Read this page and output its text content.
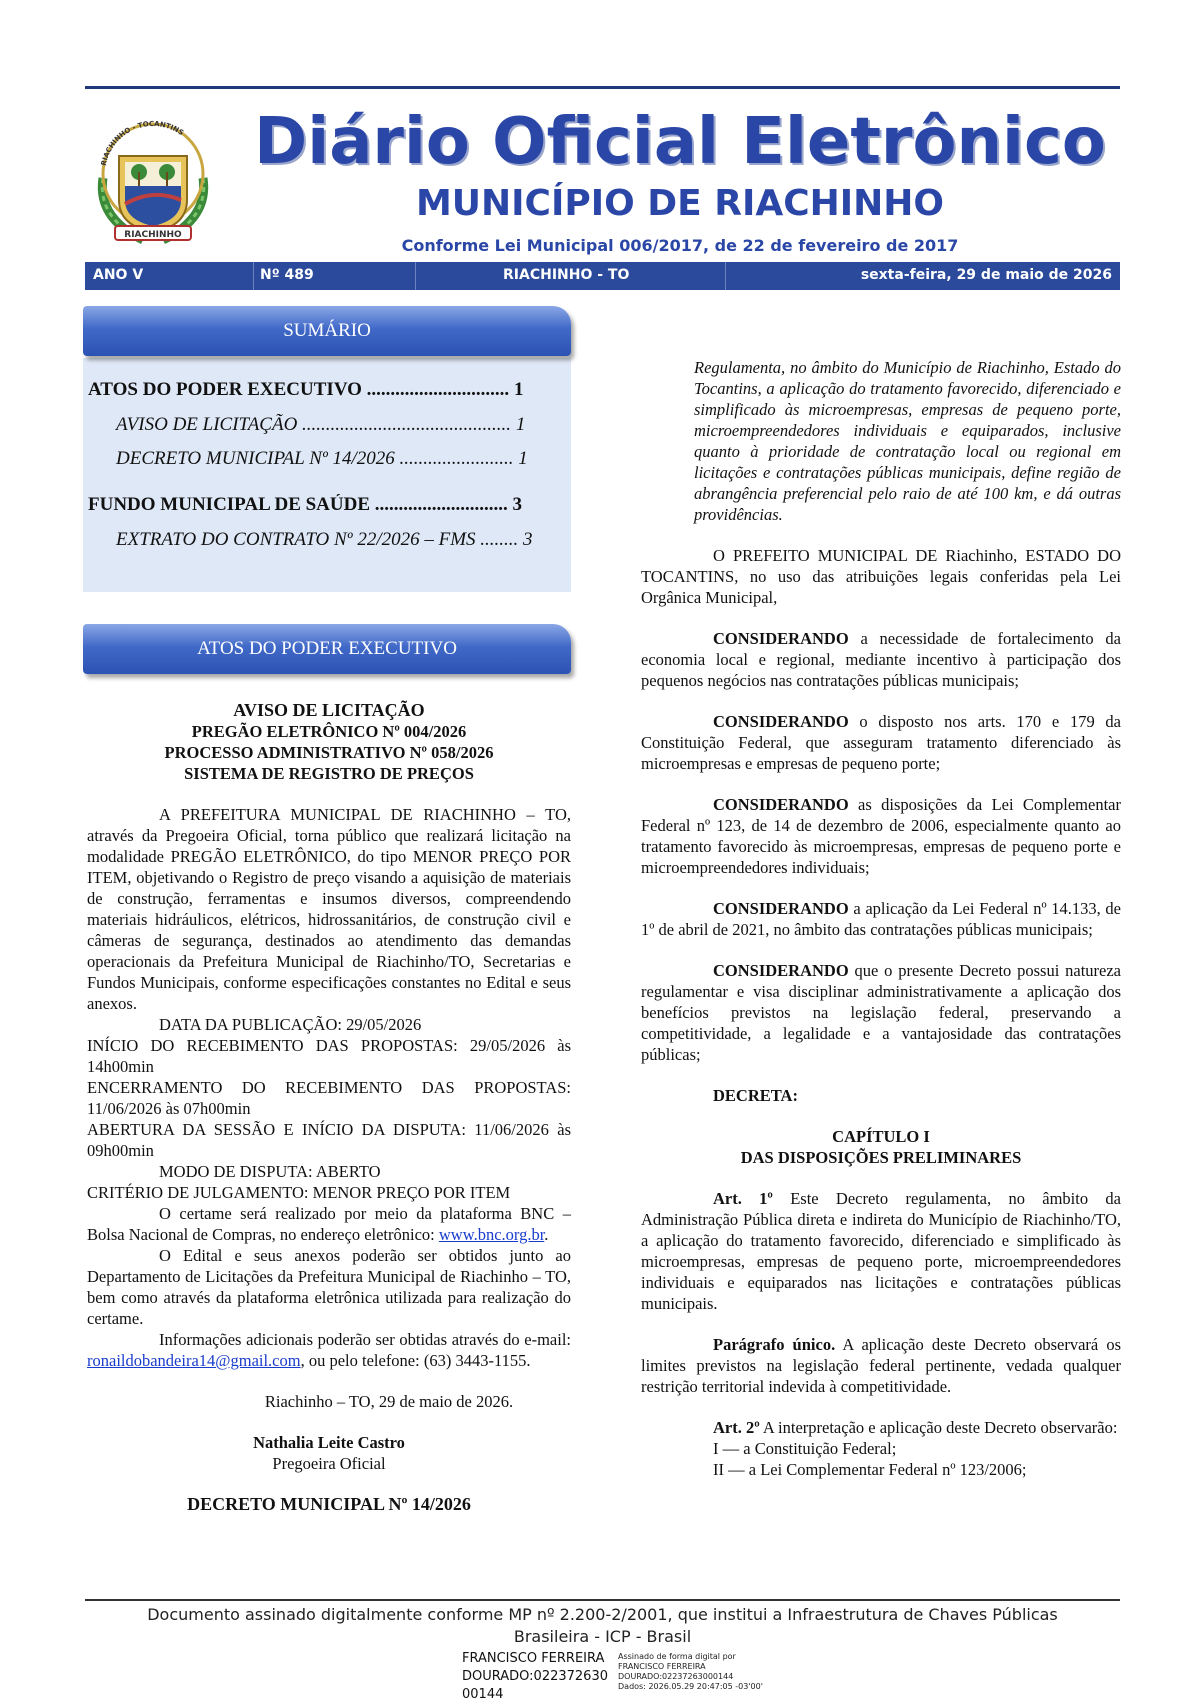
RIACHINHO - TOCANTINS
RIACHINHO
Diário Oficial Eletrônico
MUNICÍPIO DE RIACHINHO
Conforme Lei Municipal 006/2017, de 22 de fevereiro de 2017
ANO V	Nº 489	RIACHINHO - TO	sexta-feira, 29 de maio de 2026
SUMÁRIO
ATOS DO PODER EXECUTIVO .............................. 1
AVISO DE LICITAÇÃO ............................................ 1
DECRETO MUNICIPAL Nº 14/2026 ........................ 1
FUNDO MUNICIPAL DE SAÚDE ............................ 3
EXTRATO DO CONTRATO Nº 22/2026 – FMS ........ 3
ATOS DO PODER EXECUTIVO

AVISO DE LICITAÇÃO

PREGÃO ELETRÔNICO Nº 004/2026

PROCESSO ADMINISTRATIVO Nº 058/2026

SISTEMA DE REGISTRO DE PREÇOS

A PREFEITURA MUNICIPAL DE RIACHINHO – TO, através da Pregoeira Oficial, torna público que realizará licitação na modalidade PREGÃO ELETRÔNICO, do tipo MENOR PREÇO POR ITEM, objetivando o Registro de preço visando a aquisição de materiais de construção, ferramentas e insumos diversos, compreendendo materiais hidráulicos, elétricos, hidrossanitários, de construção civil e câmeras de segurança, destinados ao atendimento das demandas operacionais da Prefeitura Municipal de Riachinho/TO, Secretarias e Fundos Municipais, conforme especificações constantes no Edital e seus anexos.

DATA DA PUBLICAÇÃO: 29/05/2026

INÍCIO DO RECEBIMENTO DAS PROPOSTAS: 29/05/2026 às 14h00min

ENCERRAMENTO DO RECEBIMENTO DAS PROPOSTAS: 11/06/2026 às 07h00min

ABERTURA DA SESSÃO E INÍCIO DA DISPUTA: 11/06/2026 às 09h00min

MODO DE DISPUTA: ABERTO

CRITÉRIO DE JULGAMENTO: MENOR PREÇO POR ITEM

O certame será realizado por meio da plataforma BNC – Bolsa Nacional de Compras, no endereço eletrônico: www.bnc.org.br.

O Edital e seus anexos poderão ser obtidos junto ao Departamento de Licitações da Prefeitura Municipal de Riachinho – TO, bem como através da plataforma eletrônica utilizada para realização do certame.

Informações adicionais poderão ser obtidas através do e-mail: ronaildobandeira14@gmail.com, ou pelo telefone: (63) 3443-1155.

Riachinho – TO, 29 de maio de 2026.

Nathalia Leite Castro

Pregoeira Oficial

DECRETO MUNICIPAL Nº 14/2026

Regulamenta, no âmbito do Município de Riachinho, Estado do Tocantins, a aplicação do tratamento favorecido, diferenciado e simplificado às microempresas, empresas de pequeno porte, microempreendedores individuais e equiparados, inclusive quanto à prioridade de contratação local ou regional em licitações e contratações públicas municipais, define região de abrangência preferencial pelo raio de até 100 km, e dá outras providências.

O PREFEITO MUNICIPAL DE Riachinho, ESTADO DO TOCANTINS, no uso das atribuições legais conferidas pela Lei Orgânica Municipal,

CONSIDERANDO a necessidade de fortalecimento da economia local e regional, mediante incentivo à participação dos pequenos negócios nas contratações públicas municipais;

CONSIDERANDO o disposto nos arts. 170 e 179 da Constituição Federal, que asseguram tratamento diferenciado às microempresas e empresas de pequeno porte;

CONSIDERANDO as disposições da Lei Complementar Federal nº 123, de 14 de dezembro de 2006, especialmente quanto ao tratamento favorecido às microempresas, empresas de pequeno porte e microempreendedores individuais;

CONSIDERANDO a aplicação da Lei Federal nº 14.133, de 1º de abril de 2021, no âmbito das contratações públicas municipais;

CONSIDERANDO que o presente Decreto possui natureza regulamentar e visa disciplinar administrativamente a aplicação dos benefícios previstos na legislação federal, preservando a competitividade, a legalidade e a vantajosidade das contratações públicas;

DECRETA:

CAPÍTULO I

DAS DISPOSIÇÕES PRELIMINARES

Art. 1º Este Decreto regulamenta, no âmbito da Administração Pública direta e indireta do Município de Riachinho/TO, a aplicação do tratamento favorecido, diferenciado e simplificado às microempresas, empresas de pequeno porte, microempreendedores individuais e equiparados nas licitações e contratações públicas municipais.

Parágrafo único. A aplicação deste Decreto observará os limites previstos na legislação federal pertinente, vedada qualquer restrição territorial indevida à competitividade.

Art. 2º A interpretação e aplicação deste Decreto observarão:

I — a Constituição Federal;

II — a Lei Complementar Federal nº 123/2006;

Documento assinado digitalmente conforme MP nº 2.200-2/2001, que institui a Infraestrutura de Chaves Públicas
Brasileira - ICP - Brasil
FRANCISCO FERREIRA
DOURADO:022372630
00144
Assinado de forma digital por
FRANCISCO FERREIRA
DOURADO:02237263000144
Dados: 2026.05.29 20:47:05 -03'00'
